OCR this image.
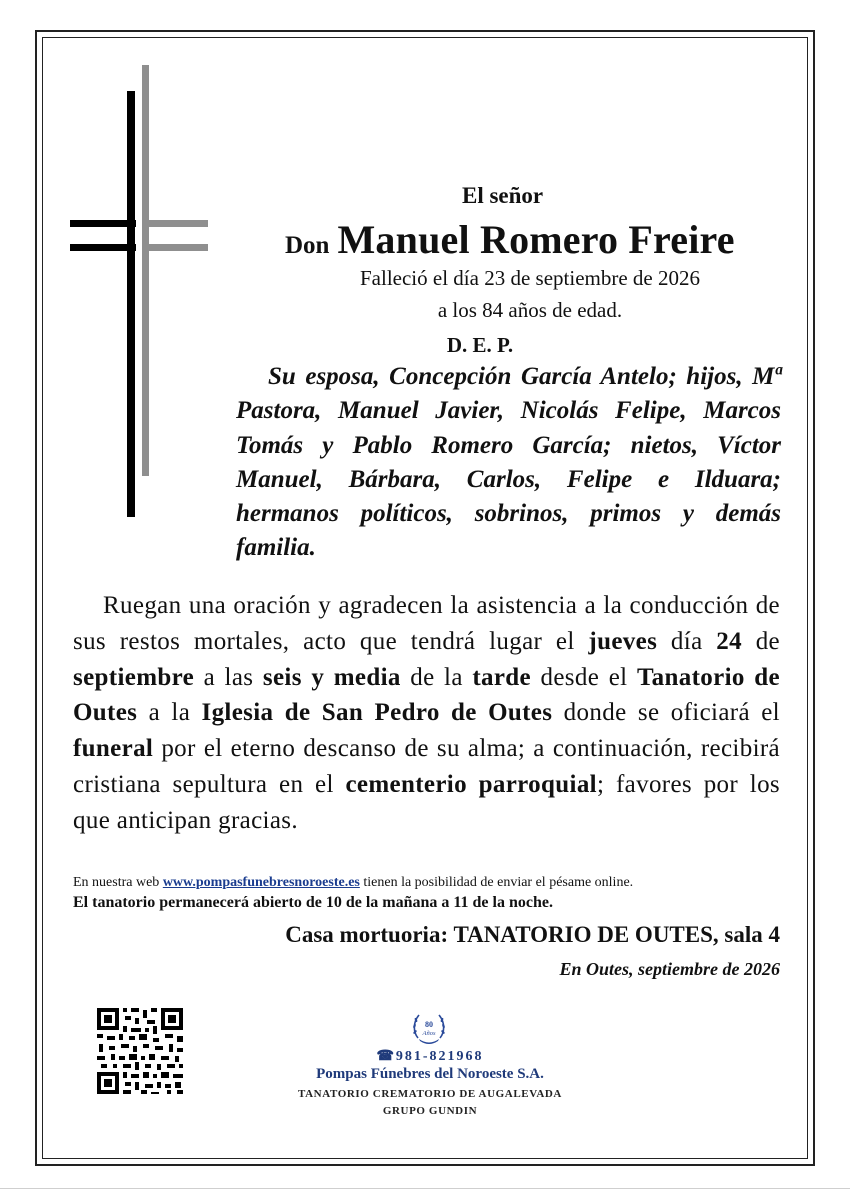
El señor
Don Manuel Romero Freire
Falleció el día 23 de septiembre de 2026
a los 84 años de edad.
D. E. P.
Su esposa, Concepción García Antelo; hijos, Mª Pastora, Manuel Javier, Nicolás Felipe, Marcos Tomás y Pablo Romero García; nietos, Víctor Manuel, Bárbara, Carlos, Felipe e Ilduara; hermanos políticos, sobrinos, primos y demás familia.
Ruegan una oración y agradecen la asistencia a la conducción de sus restos mortales, acto que tendrá lugar el jueves día 24 de septiembre a las seis y media de la tarde desde el Tanatorio de Outes a la Iglesia de San Pedro de Outes donde se oficiará el funeral por el eterno descanso de su alma; a continuación, recibirá cristiana sepultura en el cementerio parroquial; favores por los que anticipan gracias.
En nuestra web www.pompasfunebresnoroeste.es tienen la posibilidad de enviar el pésame online.
El tanatorio permanecerá abierto de 10 de la mañana a 11 de la noche.
Casa mortuoria: TANATORIO DE OUTES, sala 4
En Outes, septiembre de 2026
80
Años
☎981-821968
Pompas Fúnebres del Noroeste S.A.
TANATORIO CREMATORIO DE AUGALEVADA
GRUPO GUNDIN
